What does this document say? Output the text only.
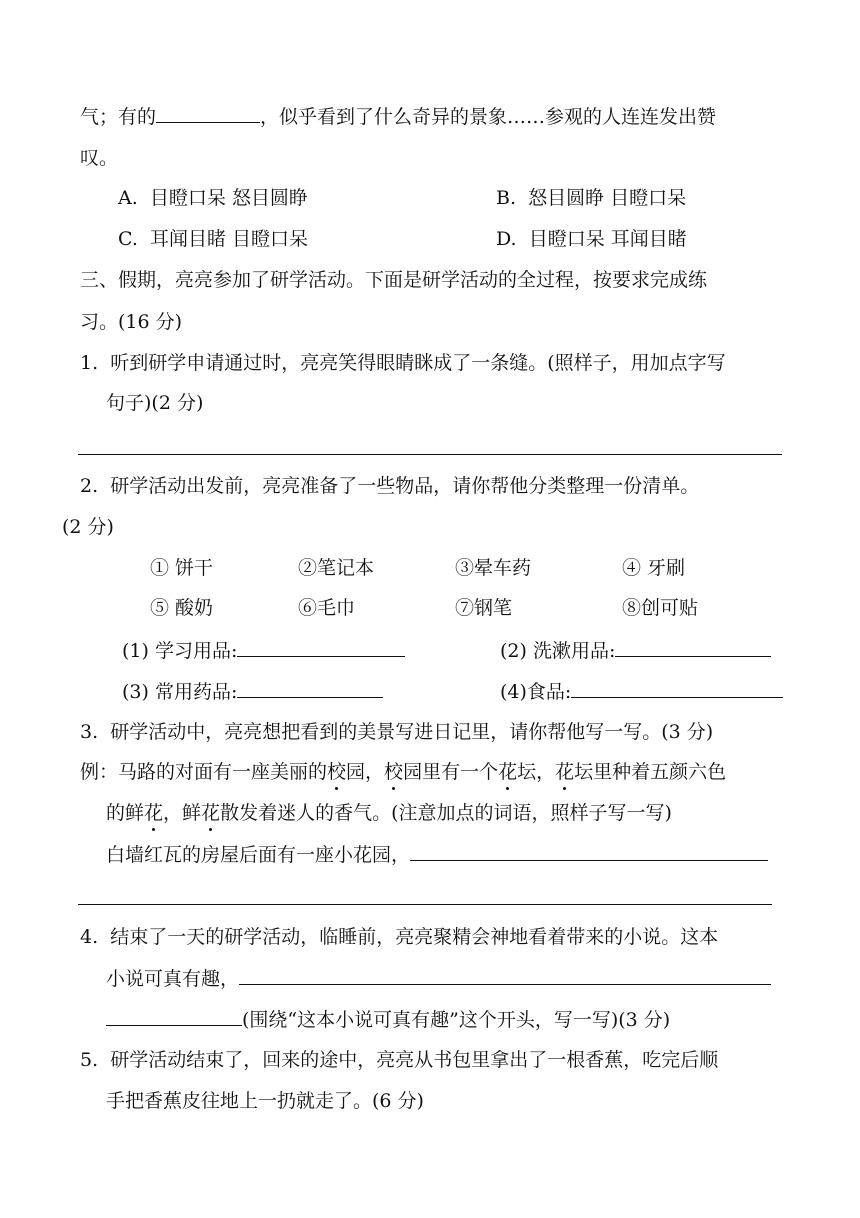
气；有的	，似乎看到了什么奇异的景象……参观的人连连发出赞
叹。
A. 目瞪口呆 怒目圆睁	B. 怒目圆睁 目瞪口呆
C. 耳闻目睹 目瞪口呆	D. 目瞪口呆 耳闻目睹
三、假期，亮亮参加了研学活动。下面是研学活动的全过程，按要求完成练
习。(16 分)
1. 听到研学申请通过时，亮亮笑得眼睛眯成了一条缝。(照样子，用加点字写
句子)(2 分)
2. 研学活动出发前，亮亮准备了一些物品，请你帮他分类整理一份清单。
(2 分)
① 饼干	②笔记本	③晕车药	④ 牙刷
⑤ 酸奶	⑥毛巾	⑦钢笔	⑧创可贴
(1) 学习用品:	(2) 洗漱用品:
(3) 常用药品:	(4)食品:
3. 研学活动中，亮亮想把看到的美景写进日记里，请你帮他写一写。(3 分)
例：马路的对面有一座美丽的校园，校园里有一个花坛，花坛里种着五颜六色
的鲜花，鲜花散发着迷人的香气。(注意加点的词语，照样子写一写)
白墙红瓦的房屋后面有一座小花园，
4. 结束了一天的研学活动，临睡前，亮亮聚精会神地看着带来的小说。这本
小说可真有趣，
(围绕“这本小说可真有趣”这个开头，写一写)(3 分)
5. 研学活动结束了，回来的途中，亮亮从书包里拿出了一根香蕉，吃完后顺
手把香蕉皮往地上一扔就走了。(6 分)
